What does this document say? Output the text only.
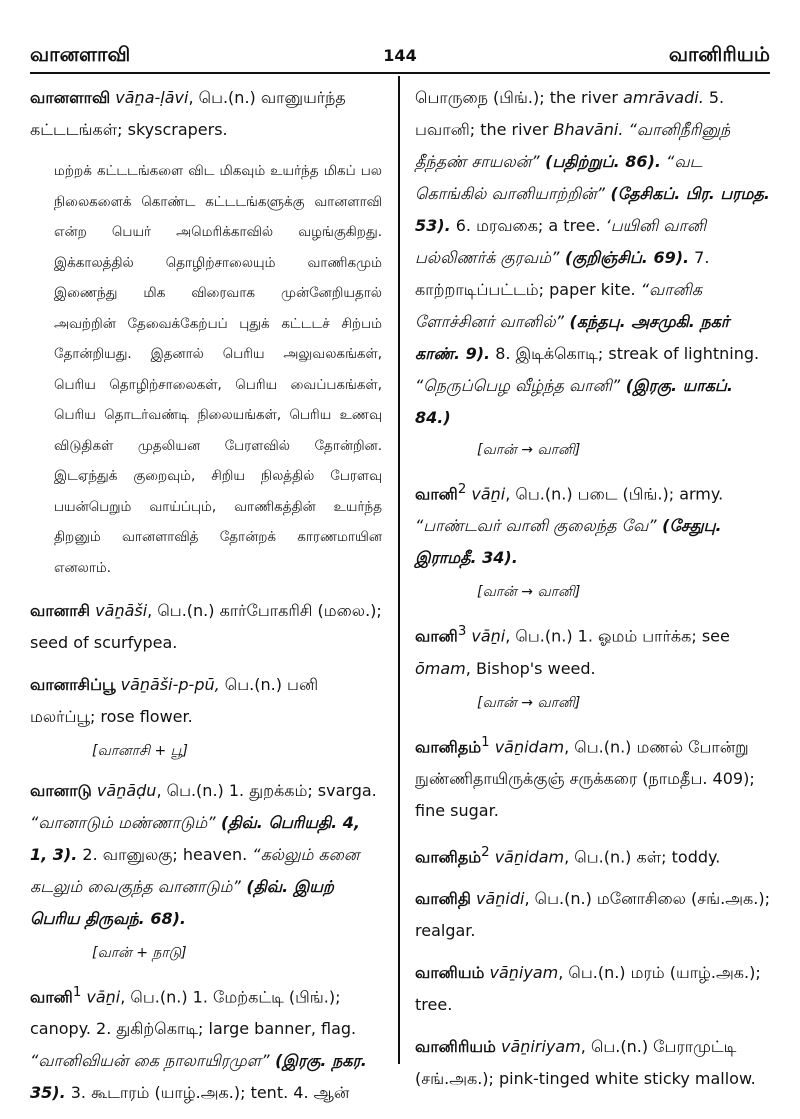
வானளாவி	144	வானிரியம்
வானளாவி vāṉa-ḷāvi, பெ.(n.) வானுயர்ந்த கட்டடங்கள்; skyscrapers.
மற்றக் கட்டடங்களை விட மிகவும் உயர்ந்த மிகப் பல நிலைகளைக் கொண்ட கட்டடங்களுக்கு வானளாவி என்ற பெயர் அமெரிக்காவில் வழங்குகிறது. இக்காலத்தில் தொழிற்சாலையும் வாணிகமும் இணைந்து மிக விரைவாக முன்னேறியதால் அவற்றின் தேவைக்கேற்பப் புதுக் கட்டடச் சிற்பம் தோன்றியது. இதனால் பெரிய அலுவலகங்கள், பெரிய தொழிற்சாலைகள், பெரிய வைப்பகங்கள், பெரிய தொடர்வண்டி நிலையங்கள், பெரிய உணவு விடுதிகள் முதலியன பேரளவில் தோன்றின. இடஏந்துக் குறைவும், சிறிய நிலத்தில் பேரளவு பயன்பெறும் வாய்ப்பும், வாணிகத்தின் உயர்ந்த திறனும் வானளாவித் தோன்றக் காரணமாயின எனலாம்.
வானாசி vāṉāši, பெ.(n.) கார்போகரிசி (மலை.); seed of scurfypea.
வானாசிப்பூ vāṉāši-p-pū, பெ.(n.) பனி மலர்ப்பூ; rose flower.
[வானாசி + பூ]
வானாடு vāṉāḍu, பெ.(n.) 1. துறக்கம்; svarga. “வானாடும் மண்ணாடும்” (திவ். பெரியதி. 4, 1, 3). 2. வானுலகு; heaven. “கல்லும் கனை கடலும் வைகுந்த வானாடும்” (திவ். இயற் பெரிய திருவந். 68).
[வான் + நாடு]
வானி$^1$ vāṉi, பெ.(n.) 1. மேற்கட்டி (பிங்.); canopy. 2. துகிற்கொடி; large banner, flag. “வானிவியன் கை நாலாயிரமுள” (இரகு. நகர. 35). 3. கூடாரம் (யாழ்.அக.); tent. 4. ஆன்
பொருநை (பிங்.); the river amrāvadi. 5. பவானி; the river Bhavāni. “வானிநீரினுந் தீந்தண் சாயலன்” (பதிற்றுப். 86). “வட கொங்கில் வானியாற்றின்” (தேசிகப். பிர. பரமத. 53). 6. மரவகை; a tree. ‘பயினி வானி பல்லிணர்க் குரவம்” (குறிஞ்சிப். 69). 7. காற்றாடிப்பட்டம்; paper kite. “வானிக ளோச்சினர் வானில்” (கந்தபு. அசமுகி. நகர் காண். 9). 8. இடிக்கொடி; streak of lightning. “நெருப்பெழ வீழ்ந்த வானி” (இரகு. யாகப். 84.)
[வான் → வானி]
வானி$^2$ vāṉi, பெ.(n.) படை (பிங்.); army. “பாண்டவர் வானி குலைந்த வே” (சேதுபு. இராமதீ. 34).
[வான் → வானி]
வானி$^3$ vāṉi, பெ.(n.) 1. ஓமம் பார்க்க; see ōmam, Bishop's weed.
[வான் → வானி]
வானிதம்$^1$ vāṉidam, பெ.(n.) மணல் போன்று நுண்ணிதாயிருக்குஞ் சருக்கரை (நாமதீப. 409); fine sugar.
வானிதம்$^2$ vāṉidam, பெ.(n.) கள்; toddy.
வானிதி vāṉidi, பெ.(n.) மனோசிலை (சங்.அக.); realgar.
வானியம் vāṉiyam, பெ.(n.) மரம் (யாழ்.அக.); tree.
வானிரியம் vāṉiriyam, பெ.(n.) பேராமுட்டி (சங்.அக.); pink-tinged white sticky mallow.
